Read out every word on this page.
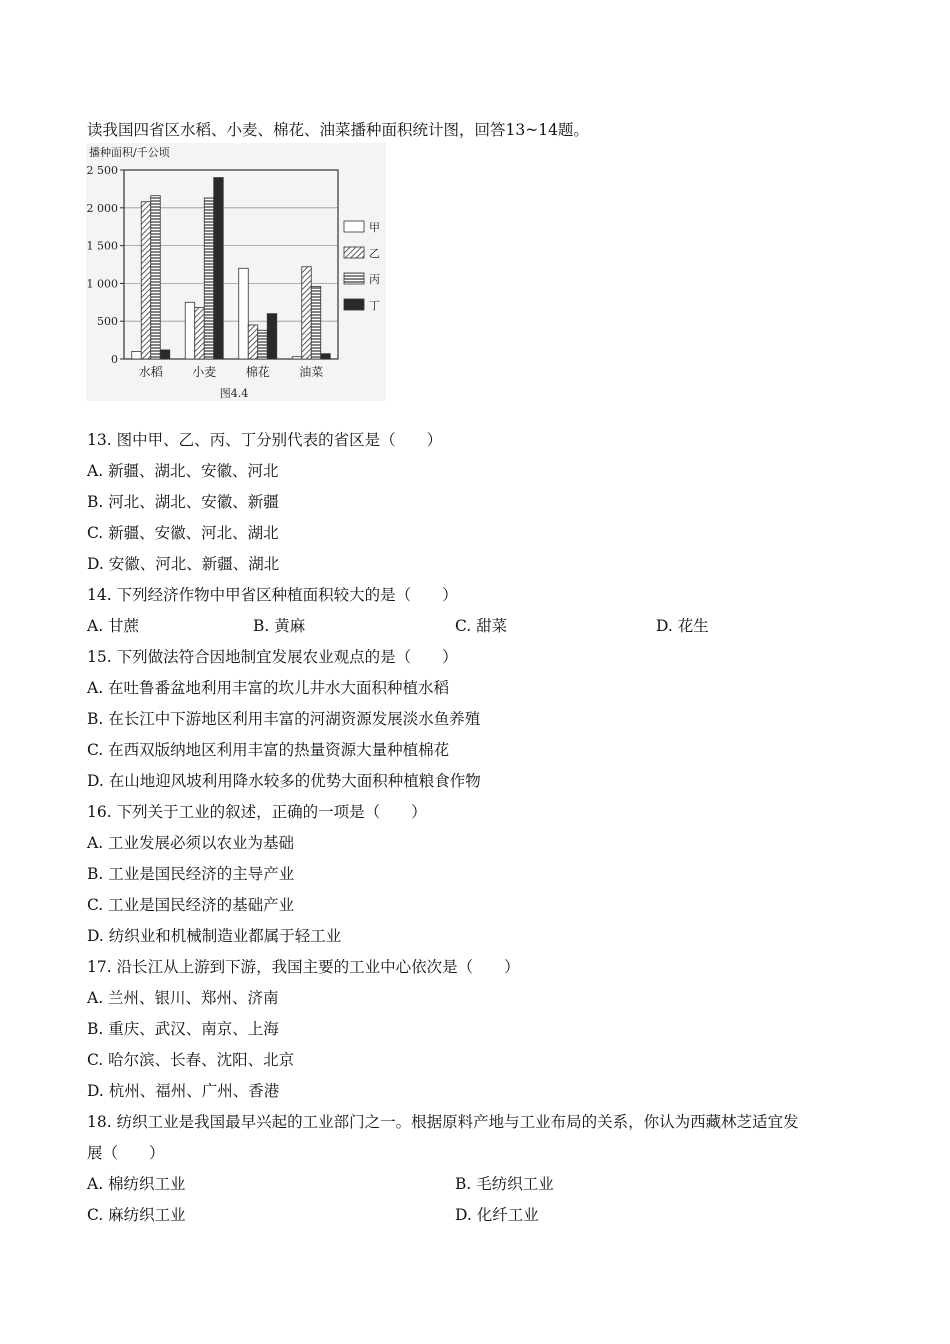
读我国四省区水稻、小麦、棉花、油菜播种面积统计图，回答13~14题。
播种面积/千公顷
0
500
1 000
1 500
2 000
2 500
水稻 小麦 棉花 油菜
甲
乙
丙
丁
图4.4
13. 图中甲、乙、丙、丁分别代表的省区是（　　）
A. 新疆、湖北、安徽、河北
B. 河北、湖北、安徽、新疆
C. 新疆、安徽、河北、湖北
D. 安徽、河北、新疆、湖北
14. 下列经济作物中甲省区种植面积较大的是（　　）
A. 甘蔗	B. 黄麻	C. 甜菜	D. 花生
15. 下列做法符合因地制宜发展农业观点的是（　　）
A. 在吐鲁番盆地利用丰富的坎儿井水大面积种植水稻
B. 在长江中下游地区利用丰富的河湖资源发展淡水鱼养殖
C. 在西双版纳地区利用丰富的热量资源大量种植棉花
D. 在山地迎风坡利用降水较多的优势大面积种植粮食作物
16. 下列关于工业的叙述，正确的一项是（　　）
A. 工业发展必须以农业为基础
B. 工业是国民经济的主导产业
C. 工业是国民经济的基础产业
D. 纺织业和机械制造业都属于轻工业
17. 沿长江从上游到下游，我国主要的工业中心依次是（　　）
A. 兰州、银川、郑州、济南
B. 重庆、武汉、南京、上海
C. 哈尔滨、长春、沈阳、北京
D. 杭州、福州、广州、香港
18. 纺织工业是我国最早兴起的工业部门之一。根据原料产地与工业布局的关系，你认为西藏林芝适宜发
展（　　）
A. 棉纺织工业	B. 毛纺织工业
C. 麻纺织工业	D. 化纤工业
